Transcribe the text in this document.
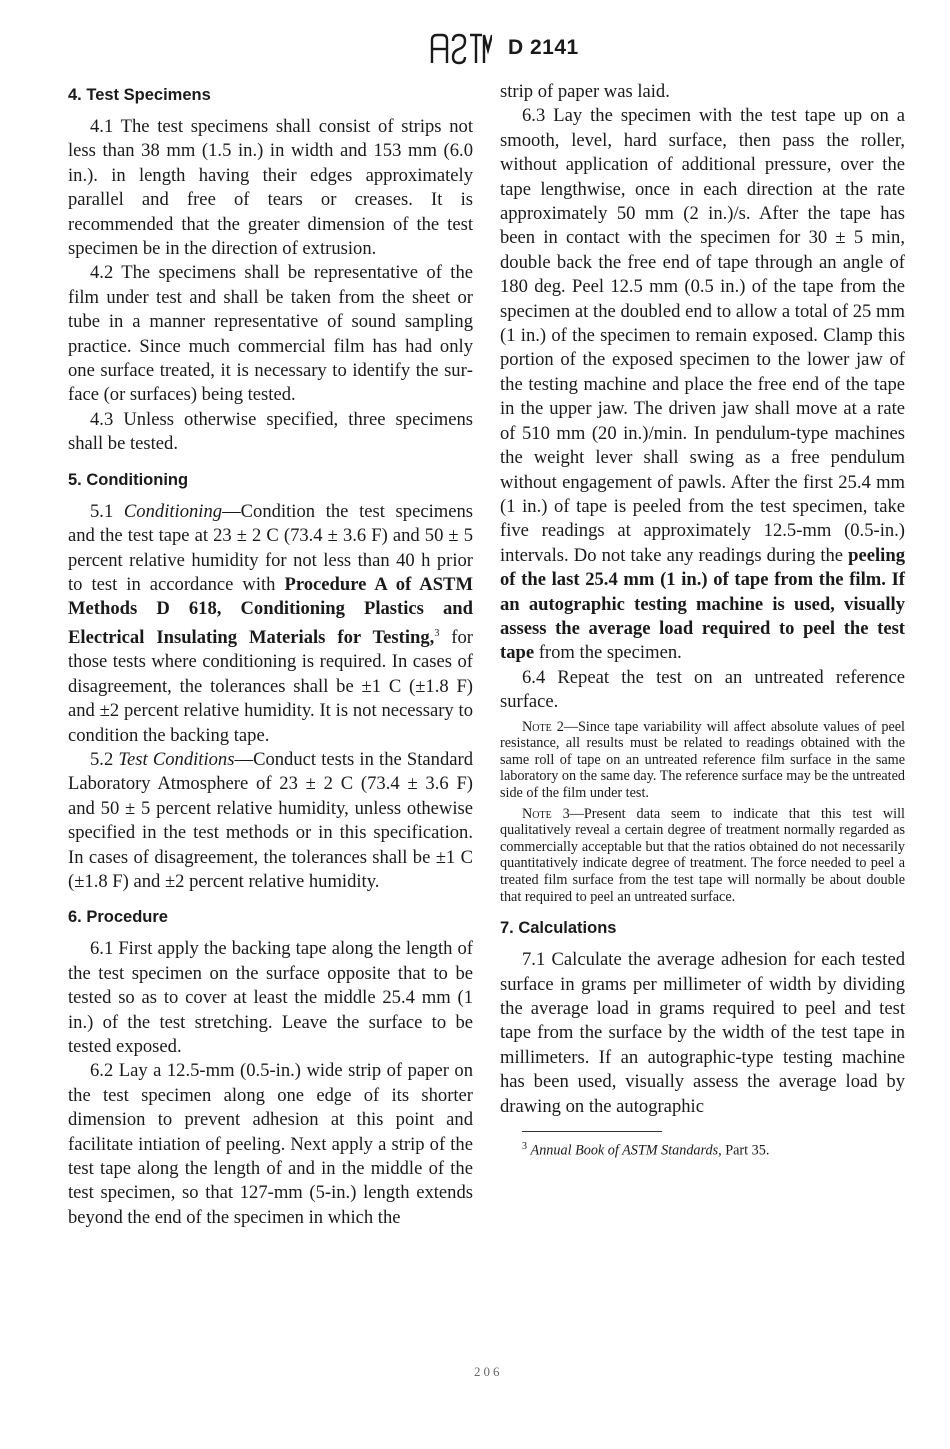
D 2141
4. Test Specimens

4.1 The test specimens shall consist of strips not less than 38 mm (1.5 in.) in width and 153 mm (6.0 in.). in length having their edges approximately parallel and free of tears or creases. It is recommended that the greater dimension of the test specimen be in the direction of extrusion.

4.2 The specimens shall be representative of the film under test and shall be taken from the sheet or tube in a manner representative of sound sampling practice. Since much commercial film has had only one surface treated, it is necessary to identify the surface (or surfaces) being tested.

4.3 Unless otherwise specified, three specimens shall be tested.

5. Conditioning

5.1 Conditioning—Condition the test specimens and the test tape at 23 ± 2 C (73.4 ± 3.6 F) and 50 ± 5 percent relative humidity for not less than 40 h prior to test in accordance with Procedure A of ASTM Methods D 618, Conditioning Plastics and Electrical Insulating Materials for Testing,$^3$ for those tests where conditioning is required. In cases of disagreement, the tolerances shall be ±1 C (±1.8 F) and ±2 percent relative humidity. It is not necessary to condition the backing tape.

5.2 Test Conditions—Conduct tests in the Standard Laboratory Atmosphere of 23 ± 2 C (73.4 ± 3.6 F) and 50 ± 5 percent relative humidity, unless othewise specified in the test methods or in this specification. In cases of disagreement, the tolerances shall be ±1 C (±1.8 F) and ±2 percent relative humidity.

6. Procedure

6.1 First apply the backing tape along the length of the test specimen on the surface opposite that to be tested so as to cover at least the middle 25.4 mm (1 in.) of the test stretching. Leave the surface to be tested exposed.

6.2 Lay a 12.5-mm (0.5-in.) wide strip of paper on the test specimen along one edge of its shorter dimension to prevent adhesion at this point and facilitate intiation of peeling. Next apply a strip of the test tape along the length of and in the middle of the test specimen, so that 127-mm (5-in.) length extends beyond the end of the specimen in which the

strip of paper was laid.

6.3 Lay the specimen with the test tape up on a smooth, level, hard surface, then pass the roller, without application of additional pressure, over the tape lengthwise, once in each direction at the rate approximately 50 mm (2 in.)/s. After the tape has been in contact with the specimen for 30 ± 5 min, double back the free end of tape through an angle of 180 deg. Peel 12.5 mm (0.5 in.) of the tape from the specimen at the doubled end to allow a total of 25 mm (1 in.) of the specimen to remain exposed. Clamp this portion of the exposed specimen to the lower jaw of the testing machine and place the free end of the tape in the upper jaw. The driven jaw shall move at a rate of 510 mm (20 in.)/min. In pendulum-type machines the weight lever shall swing as a free pendulum without engagement of pawls. After the first 25.4 mm (1 in.) of tape is peeled from the test specimen, take five readings at approximately 12.5-mm (0.5-in.) intervals. Do not take any readings during the peeling of the last 25.4 mm (1 in.) of tape from the film. If an autographic testing machine is used, visually assess the average load required to peel the test tape from the specimen.

6.4 Repeat the test on an untreated reference surface.

Note 2—Since tape variability will affect absolute values of peel resistance, all results must be related to readings obtained with the same roll of tape on an untreated reference film surface in the same laboratory on the same day. The reference surface may be the untreated side of the film under test.

Note 3—Present data seem to indicate that this test will qualitatively reveal a certain degree of treatment normally regarded as commercially acceptable but that the ratios obtained do not necessarily quantitatively indicate degree of treatment. The force needed to peel a treated film surface from the test tape will normally be about double that required to peel an untreated surface.

7. Calculations

7.1 Calculate the average adhesion for each tested surface in grams per millimeter of width by dividing the average load in grams required to peel and test tape from the surface by the width of the test tape in millimeters. If an autographic-type testing machine has been used, visually assess the average load by drawing on the autographic

$^3$ Annual Book of ASTM Standards, Part 35.
206
